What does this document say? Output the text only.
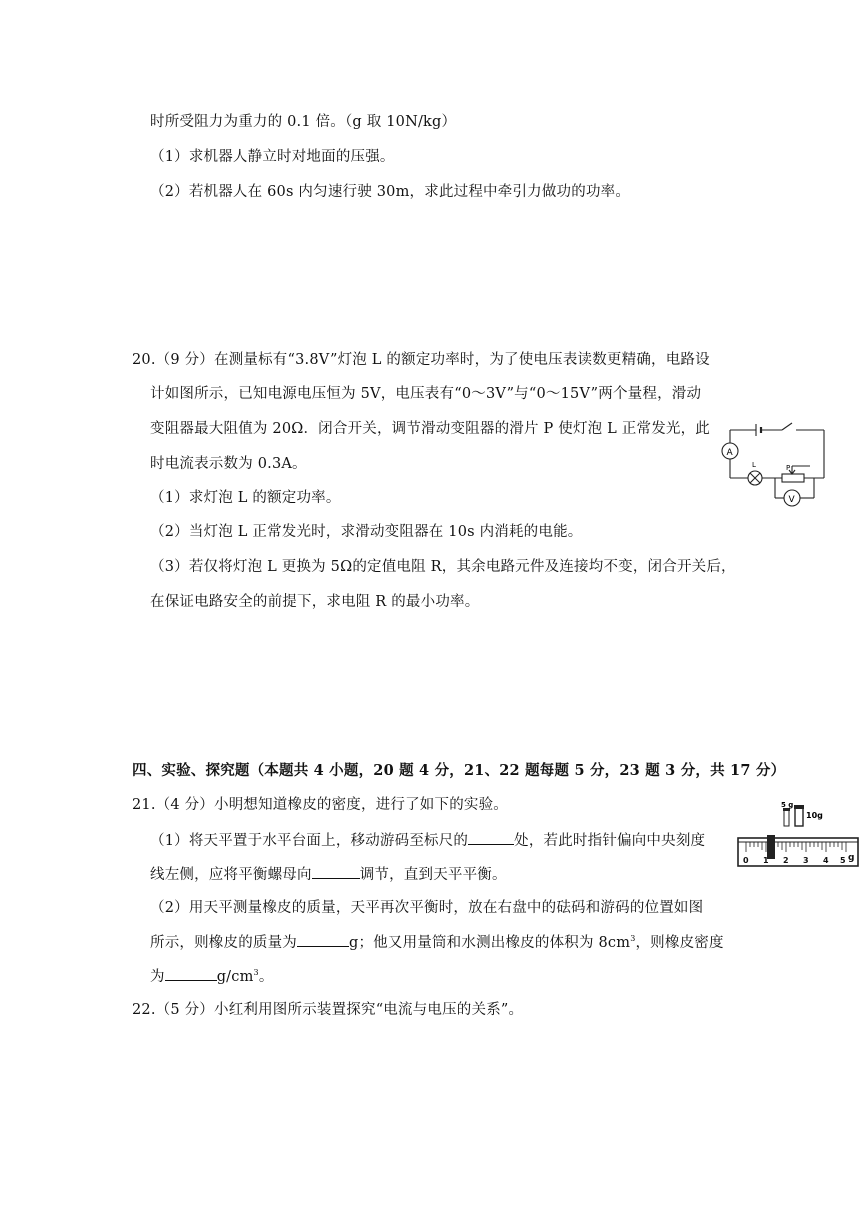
时所受阻力为重力的 0.1 倍。（g 取 10N/kg）
（1）求机器人静立时对地面的压强。
（2）若机器人在 60s 内匀速行驶 30m，求此过程中牵引力做功的功率。
20.（9 分）在测量标有“3.8V”灯泡 L 的额定功率时，为了使电压表读数更精确，电路设
计如图所示，已知电源电压恒为 5V，电压表有“0～3V”与“0～15V”两个量程，滑动
变阻器最大阻值为 20Ω．闭合开关，调节滑动变阻器的滑片 P 使灯泡 L 正常发光，此
时电流表示数为 0.3A。
（1）求灯泡 L 的额定功率。
（2）当灯泡 L 正常发光时，求滑动变阻器在 10s 内消耗的电能。
（3）若仅将灯泡 L 更换为 5Ω的定值电阻 R，其余电路元件及连接均不变，闭合开关后，
在保证电路安全的前提下，求电阻 R 的最小功率。
A
V
L	P
四、实验、探究题（本题共 4 小题，20 题 4 分，21、22 题每题 5 分，23 题 3 分，共 17 分）
21.（4 分）小明想知道橡皮的密度，进行了如下的实验。
（1）将天平置于水平台面上，移动游码至标尺的	处，若此时指针偏向中央刻度
线左侧，应将平衡螺母向	调节，直到天平平衡。
（2）用天平测量橡皮的质量，天平再次平衡时，放在右盘中的砝码和游码的位置如图
所示，则橡皮的质量为	g；他又用量筒和水测出橡皮的体积为 $8cm^3$，则橡皮密度
为	$g/cm^3$。
5 g
10g
0 1 2 3 4 5 g
22.（5 分）小红利用图所示装置探究“电流与电压的关系”。
